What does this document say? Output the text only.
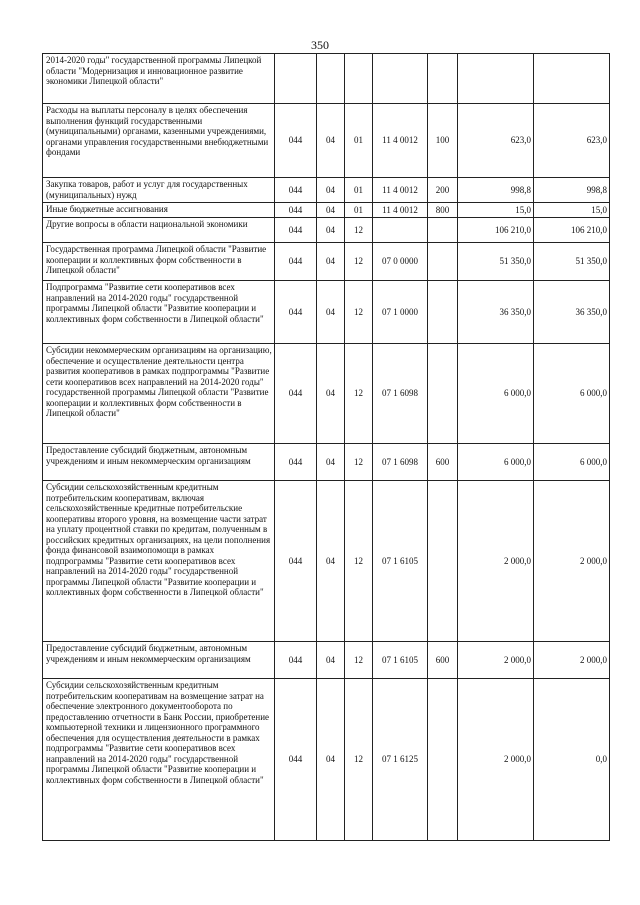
350
2014-2020 годы" государственной программы Липецкой области "Модернизация и инновационное развитие экономики Липецкой области"							
Расходы на выплаты персоналу в целях обеспечения выполнения функций государственными (муниципальными) органами, казенными учреждениями, органами управления государственными внебюджетными фондами	044	04	01	11 4 0012	100	623,0	623,0
Закупка товаров, работ и услуг для государственных (муниципальных) нужд	044	04	01	11 4 0012	200	998,8	998,8
Иные бюджетные ассигнования	044	04	01	11 4 0012	800	15,0	15,0
Другие вопросы в области национальной экономики	044	04	12			106 210,0	106 210,0
Государственная программа Липецкой области "Развитие кооперации и коллективных форм собственности в Липецкой области"	044	04	12	07 0 0000		51 350,0	51 350,0
Подпрограмма "Развитие сети кооперативов всех направлений на 2014-2020 годы" государственной программы Липецкой области "Развитие кооперации и коллективных форм собственности в Липецкой области"	044	04	12	07 1 0000		36 350,0	36 350,0
Субсидии некоммерческим организациям на организацию, обеспечение и осуществление деятельности центра развития кооперативов в рамках подпрограммы "Развитие сети кооперативов всех направлений на 2014-2020 годы" государственной программы Липецкой области "Развитие кооперации и коллективных форм собственности в Липецкой области"	044	04	12	07 1 6098		6 000,0	6 000,0
Предоставление субсидий бюджетным, автономным учреждениям и иным некоммерческим организациям	044	04	12	07 1 6098	600	6 000,0	6 000,0
Субсидии сельскохозяйственным кредитным потребительским кооперативам, включая сельскохозяйственные кредитные потребительские кооперативы второго уровня, на возмещение части затрат на уплату процентной ставки по кредитам, полученным в российских кредитных организациях, на цели пополнения фонда финансовой взаимопомощи в рамках подпрограммы "Развитие сети кооперативов всех направлений на 2014-2020 годы" государственной программы Липецкой области "Развитие кооперации и коллективных форм собственности в Липецкой области"	044	04	12	07 1 6105		2 000,0	2 000,0
Предоставление субсидий бюджетным, автономным учреждениям и иным некоммерческим организациям	044	04	12	07 1 6105	600	2 000,0	2 000,0
Субсидии сельскохозяйственным кредитным потребительским кооперативам на возмещение затрат на обеспечение электронного документооборота по предоставлению отчетности в Банк России, приобретение компьютерной техники и лицензионного программного обеспечения для осуществления деятельности в рамках подпрограммы "Развитие сети кооперативов всех направлений на 2014-2020 годы" государственной программы Липецкой области "Развитие кооперации и коллективных форм собственности в Липецкой области"	044	04	12	07 1 6125		2 000,0	0,0
